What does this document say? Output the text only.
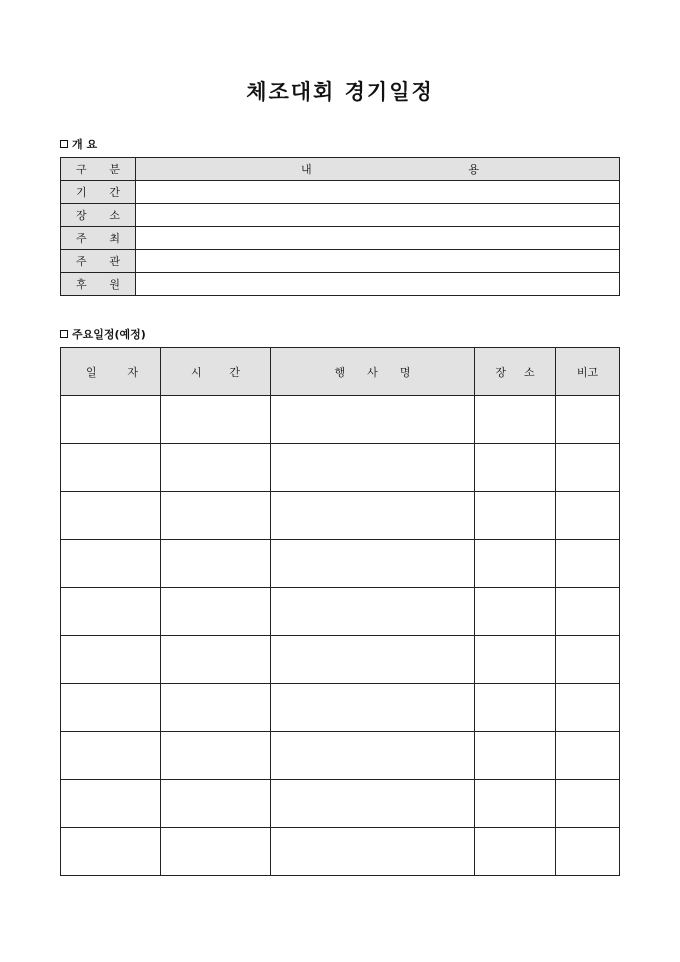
체조대회 경기일정
개 요
구 분	내 용

기 간	

장 소	

주 최	

주 관	

후 원	

주요일정(예정)
일 자	시 간	행 사 명	장 소	비고
